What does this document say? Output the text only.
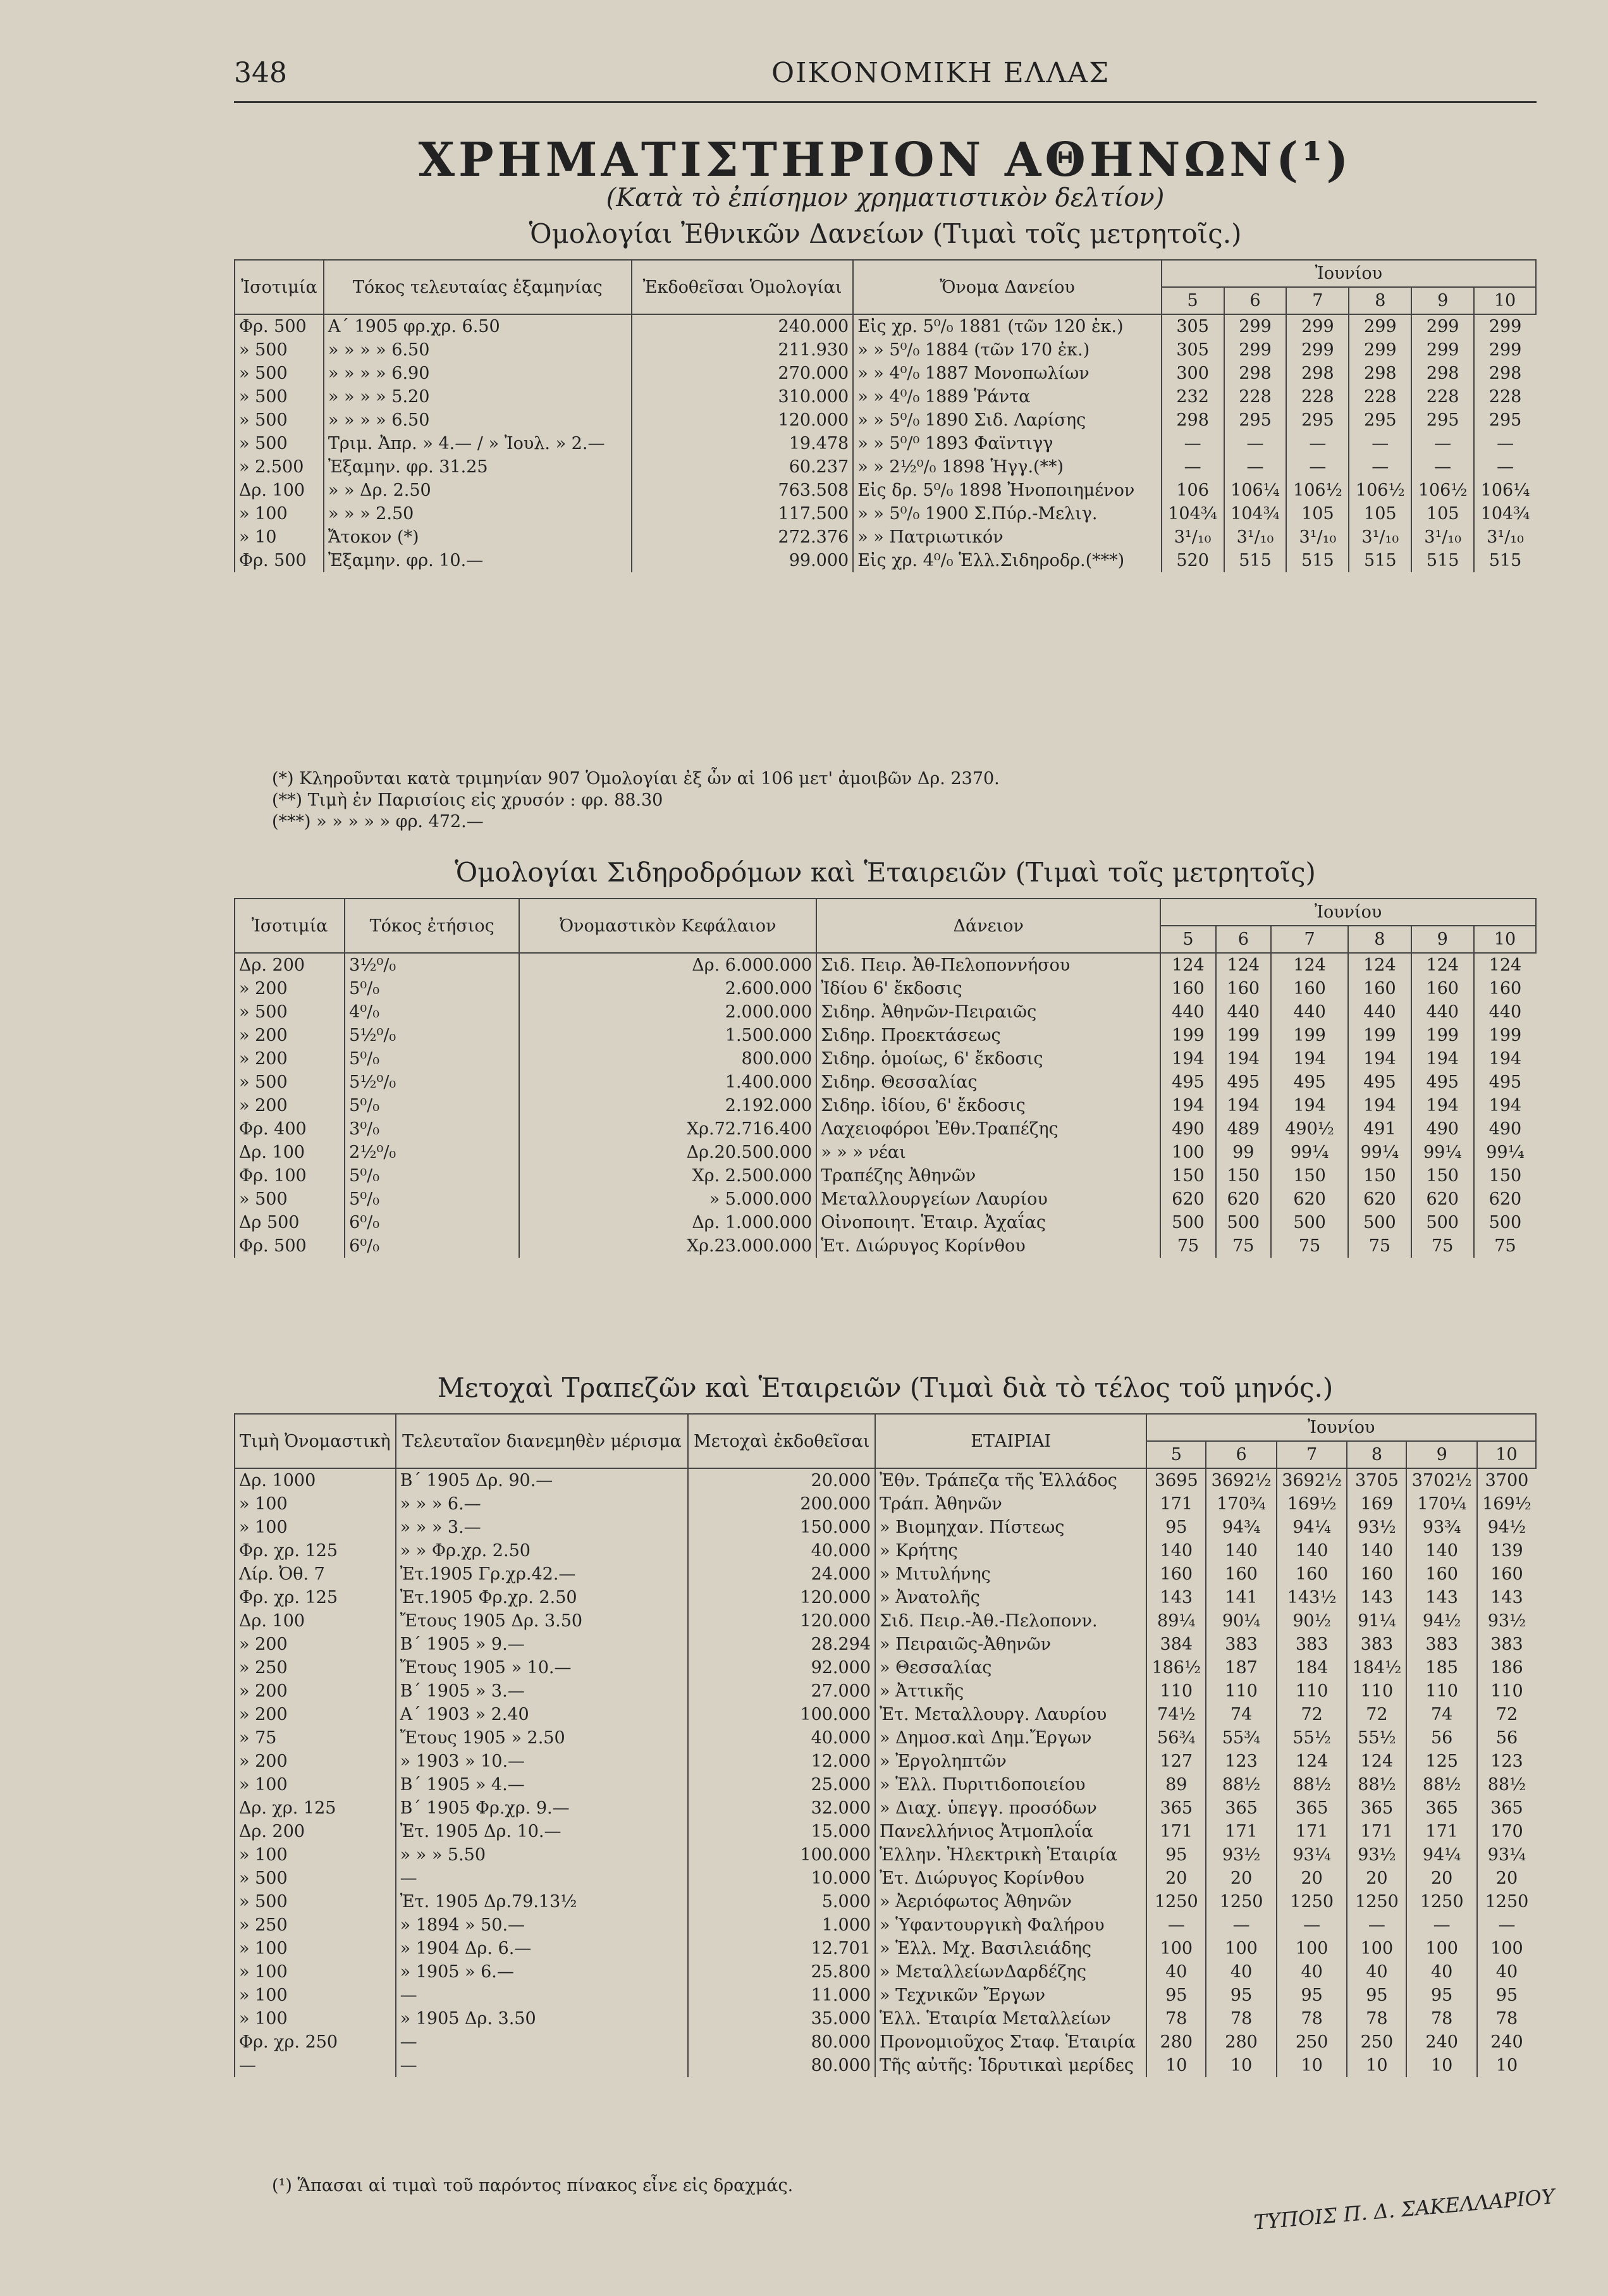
348	ΟΙΚΟΝΟΜΙΚΗ ΕΛΛΑΣ
ΧΡΗΜΑΤΙΣΤΗΡΙΟΝ ΑΘΗΝΩΝ(¹)
(Κατὰ τὸ ἐπίσημον χρηματιστικὸν δελτίον)
Ὁμολογίαι Ἐθνικῶν Δανείων (Τιμαὶ τοῖς μετρητοῖς.)
Ἰσοτιμία	Τόκος τελευταίας ἑξαμηνίας	Ἐκδοθεῖσαι Ὁμολογίαι	Ὄνομα Δανείου	Ἰουνίου					
				5	6	7	8	9	10
Φρ. 500	Α΄ 1905 φρ.χρ. 6.50	240.000	Εἰς χρ. 5⁰/₀ 1881 (τῶν 120 ἐκ.)	305	299	299	299	299	299
» 500	» » » » 6.50	211.930	» » 5⁰/₀ 1884 (τῶν 170 ἐκ.)	305	299	299	299	299	299
» 500	» » » » 6.90	270.000	» » 4⁰/₀ 1887 Μονοπωλίων	300	298	298	298	298	298
» 500	» » » » 5.20	310.000	» » 4⁰/₀ 1889 Ῥάντα	232	228	228	228	228	228
» 500	» » » » 6.50	120.000	» » 5⁰/₀ 1890 Σιδ. Λαρίσης	298	295	295	295	295	295
» 500	Τριμ. Ἀπρ. » 4.— / » Ἰουλ. » 2.—	19.478	» » 5⁰/⁰ 1893 Φαϊντιγγ	—	—	—	—	—	—
» 2.500	Ἐξαμην. φρ. 31.25	60.237	» » 2½⁰/₀ 1898 Ἡγγ.(**)	—	—	—	—	—	—
Δρ. 100	» » Δρ. 2.50	763.508	Εἰς δρ. 5⁰/₀ 1898 Ἠνοποιημένον	106	106¼	106½	106½	106½	106¼
» 100	» » » 2.50	117.500	» » 5⁰/₀ 1900 Σ.Πύρ.-Μελιγ.	104¾	104¾	105	105	105	104¾
» 10	Ἄτοκον (*)	272.376	» » Πατριωτικόν	3¹/₁₀	3¹/₁₀	3¹/₁₀	3¹/₁₀	3¹/₁₀	3¹/₁₀
Φρ. 500	Ἐξαμην. φρ. 10.—	99.000	Εἰς χρ. 4⁰/₀ Ἑλλ.Σιδηροδρ.(***)	520	515	515	515	515	515
(*) Κληροῦνται κατὰ τριμηνίαν 907 Ὁμολογίαι ἐξ ὧν αἱ 106 μετ' ἀμοιβῶν Δρ. 2370.
(**) Τιμὴ ἐν Παρισίοις εἰς χρυσόν : φρ. 88.30
(***) » » » » » φρ. 472.—
Ὁμολογίαι Σιδηροδρόμων καὶ Ἑταιρειῶν (Τιμαὶ τοῖς μετρητοῖς)
Ἰσοτιμία	Τόκος ἐτήσιος	Ὀνομαστικὸν Κεφάλαιον	Δάνειον	Ἰουνίου					
				5	6	7	8	9	10
Δρ. 200	3½⁰/₀	Δρ. 6.000.000	Σιδ. Πειρ. Ἀθ-Πελοποννήσου	124	124	124	124	124	124
» 200	5⁰/₀	2.600.000	Ἰδίου 6' ἔκδοσις	160	160	160	160	160	160
» 500	4⁰/₀	2.000.000	Σιδηρ. Ἀθηνῶν-Πειραιῶς	440	440	440	440	440	440
» 200	5½⁰/₀	1.500.000	Σιδηρ. Προεκτάσεως	199	199	199	199	199	199
» 200	5⁰/₀	800.000	Σιδηρ. ὁμοίως, 6' ἔκδοσις	194	194	194	194	194	194
» 500	5½⁰/₀	1.400.000	Σιδηρ. Θεσσαλίας	495	495	495	495	495	495
» 200	5⁰/₀	2.192.000	Σιδηρ. ἰδίου, 6' ἔκδοσις	194	194	194	194	194	194
Φρ. 400	3⁰/₀	Χρ.72.716.400	Λαχειοφόροι Ἐθν.Τραπέζης	490	489	490½	491	490	490
Δρ. 100	2½⁰/₀	Δρ.20.500.000	» » » νέαι	100	99	99¼	99¼	99¼	99¼
Φρ. 100	5⁰/₀	Χρ. 2.500.000	Τραπέζης Ἀθηνῶν	150	150	150	150	150	150
» 500	5⁰/₀	» 5.000.000	Μεταλλουργείων Λαυρίου	620	620	620	620	620	620
Δρ 500	6⁰/₀	Δρ. 1.000.000	Οἰνοποιητ. Ἑταιρ. Ἀχαΐας	500	500	500	500	500	500
Φρ. 500	6⁰/₀	Χρ.23.000.000	Ἑτ. Διώρυγος Κορίνθου	75	75	75	75	75	75
Μετοχαὶ Τραπεζῶν καὶ Ἑταιρειῶν (Τιμαὶ διὰ τὸ τέλος τοῦ μηνός.)
Τιμὴ Ὀνομαστικὴ	Τελευταῖον διανεμηθὲν μέρισμα	Μετοχαὶ ἐκδοθεῖσαι	ΕΤΑΙΡΙΑΙ	Ἰουνίου					
				5	6	7	8	9	10
Δρ. 1000	Β΄ 1905 Δρ. 90.—	20.000	Ἐθν. Τράπεζα τῆς Ἑλλάδος	3695	3692½	3692½	3705	3702½	3700
» 100	» » » 6.—	200.000	Τράπ. Ἀθηνῶν	171	170¾	169½	169	170¼	169½
» 100	» » » 3.—	150.000	» Βιομηχαν. Πίστεως	95	94¾	94¼	93½	93¾	94½
Φρ. χρ. 125	» » Φρ.χρ. 2.50	40.000	» Κρήτης	140	140	140	140	140	139
Λίρ. Ὀθ. 7	Ἐτ.1905 Γρ.χρ.42.—	24.000	» Μιτυλήνης	160	160	160	160	160	160
Φρ. χρ. 125	Ἐτ.1905 Φρ.χρ. 2.50	120.000	» Ἀνατολῆς	143	141	143½	143	143	143
Δρ. 100	Ἔτους 1905 Δρ. 3.50	120.000	Σιδ. Πειρ.-Ἀθ.-Πελοπονν.	89¼	90¼	90½	91¼	94½	93½
» 200	Β΄ 1905 » 9.—	28.294	» Πειραιῶς-Ἀθηνῶν	384	383	383	383	383	383
» 250	Ἔτους 1905 » 10.—	92.000	» Θεσσαλίας	186½	187	184	184½	185	186
» 200	Β΄ 1905 » 3.—	27.000	» Ἀττικῆς	110	110	110	110	110	110
» 200	Α΄ 1903 » 2.40	100.000	Ἐτ. Μεταλλουργ. Λαυρίου	74½	74	72	72	74	72
» 75	Ἔτους 1905 » 2.50	40.000	» Δημοσ.καὶ Δημ.Ἔργων	56¾	55¾	55½	55½	56	56
» 200	» 1903 » 10.—	12.000	» Ἐργοληπτῶν	127	123	124	124	125	123
» 100	Β΄ 1905 » 4.—	25.000	» Ἑλλ. Πυριτιδοποιείου	89	88½	88½	88½	88½	88½
Δρ. χρ. 125	Β΄ 1905 Φρ.χρ. 9.—	32.000	» Διαχ. ὑπεγγ. προσόδων	365	365	365	365	365	365
Δρ. 200	Ἐτ. 1905 Δρ. 10.—	15.000	Πανελλήνιος Ἀτμοπλοΐα	171	171	171	171	171	170
» 100	» » » 5.50	100.000	Ἑλλην. Ἠλεκτρικὴ Ἑταιρία	95	93½	93¼	93½	94¼	93¼
» 500	—	10.000	Ἐτ. Διώρυγος Κορίνθου	20	20	20	20	20	20
» 500	Ἐτ. 1905 Δρ.79.13½	5.000	» Ἀεριόφωτος Ἀθηνῶν	1250	1250	1250	1250	1250	1250
» 250	» 1894 » 50.—	1.000	» Ὑφαντουργικὴ Φαλήρου	—	—	—	—	—	—
» 100	» 1904 Δρ. 6.—	12.701	» Ἑλλ. Μχ. Βασιλειάδης	100	100	100	100	100	100
» 100	» 1905 » 6.—	25.800	» ΜεταλλείωνΔαρδέζης	40	40	40	40	40	40
» 100	—	11.000	» Τεχνικῶν Ἔργων	95	95	95	95	95	95
» 100	» 1905 Δρ. 3.50	35.000	Ἑλλ. Ἑταιρία Μεταλλείων	78	78	78	78	78	78
Φρ. χρ. 250	—	80.000	Προνομιοῦχος Σταφ. Ἑταιρία	280	280	250	250	240	240
—	—	80.000	Τῆς αὐτῆς: Ἱδρυτικαὶ μερίδες	10	10	10	10	10	10
(¹) Ἅπασαι αἱ τιμαὶ τοῦ παρόντος πίνακος εἶνε εἰς δραχμάς.	ΤΥΠΟΙΣ Π. Δ. ΣΑΚΕΛΛΑΡΙΟΥ
